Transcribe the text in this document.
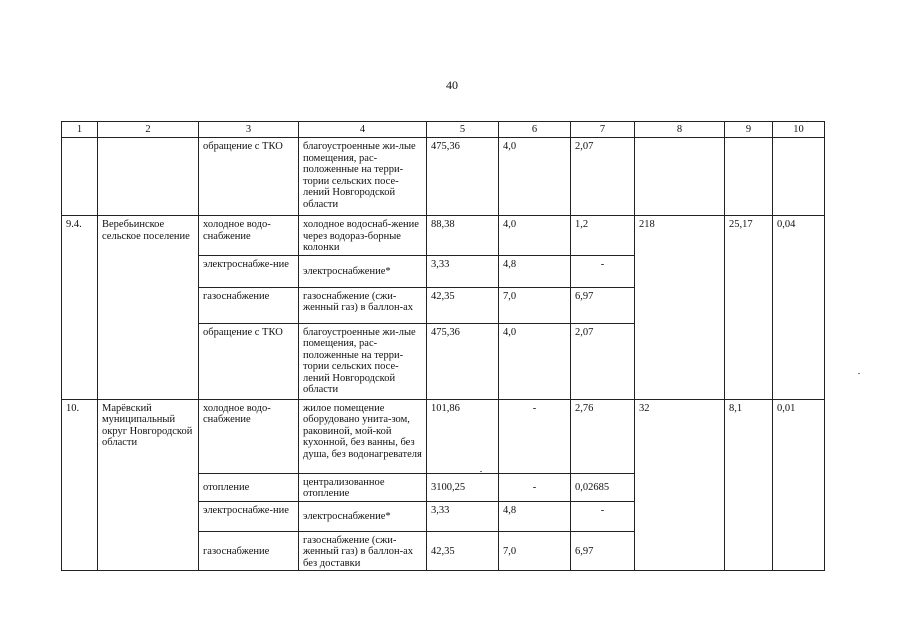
40
1	2	3	4	5	6	7	8	9	10
		обращение с ТКО	благоустроенные жи-лые помещения, рас-положенные на терри-тории сельских посе-лений Новгородской области	475,36	4,0	2,07			
9.4.	Веребьинское сельское поселение	холодное водо-снабжение	холодное водоснаб-жение через водораз-борные колонки	88,38	4,0	1,2	218	25,17	0,04
		электроснабже-ние	электроснабжение*	3,33	4,8	-			
		газоснабжение	газоснабжение (сжи-женный газ) в баллон-ах	42,35	7,0	6,97			
		обращение с ТКО	благоустроенные жи-лые помещения, рас-положенные на терри-тории сельских посе-лений Новгородской области	475,36	4,0	2,07			
10.	Марёвский муниципальный округ Новгородской области	холодное водо-снабжение	жилое помещение оборудовано унита-зом, раковиной, мой-кой кухонной, без ванны, без душа, без водонагревателя	101,86	-	2,76	32	8,1	0,01
		отопление	централизованное отопление	3100,25	-	0,02685			
		электроснабже-ние	электроснабжение*	3,33	4,8	-			
		газоснабжение	газоснабжение (сжи-женный газ) в баллон-ах без доставки	42,35	7,0	6,97			
